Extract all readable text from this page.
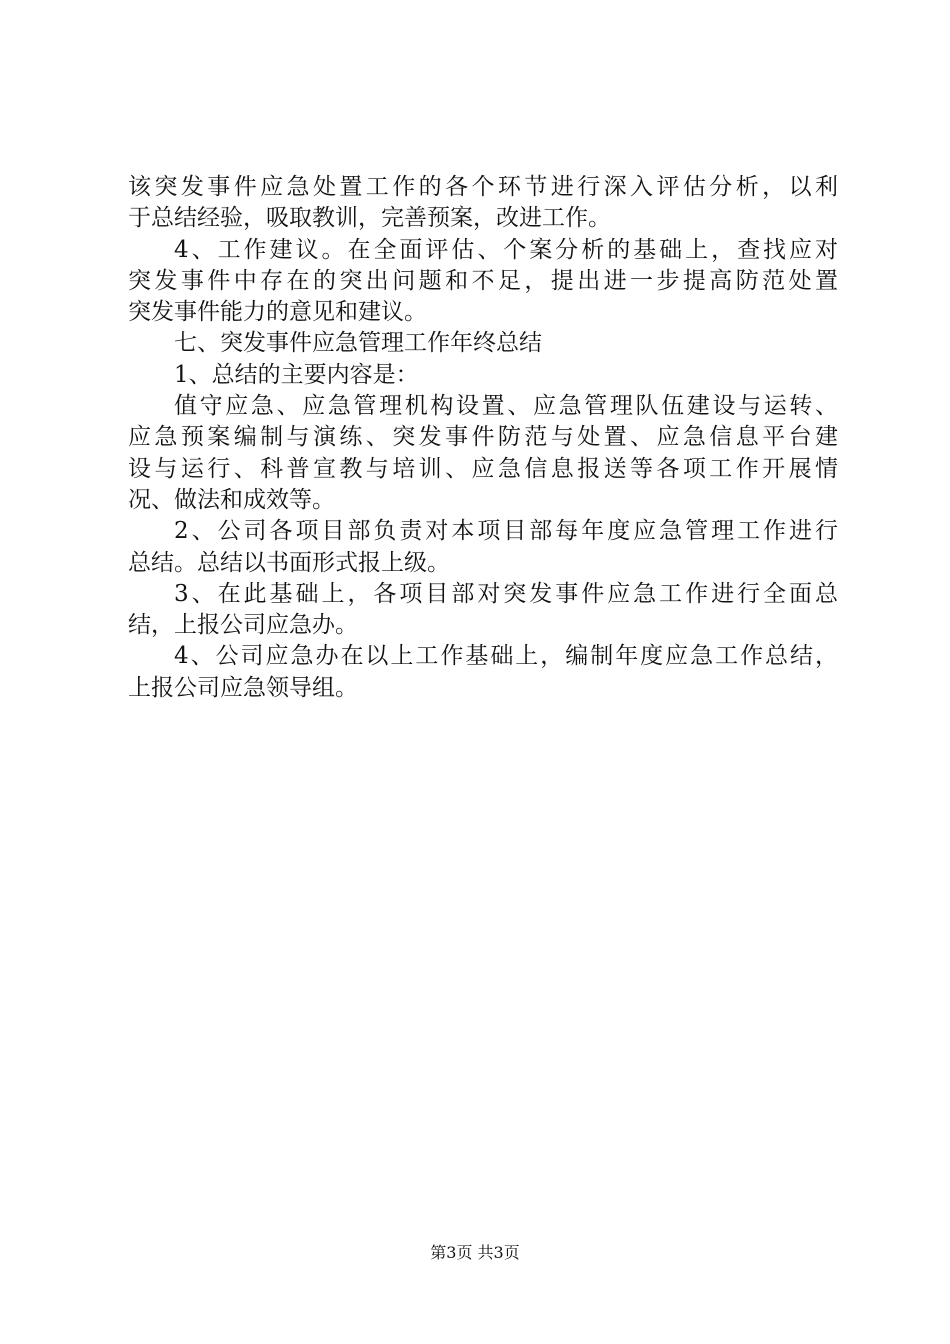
该突发事件应急处置工作的各个环节进行深入评估分析，以利
于总结经验，吸取教训，完善预案，改进工作。
4、工作建议。在全面评估、个案分析的基础上，查找应对
突发事件中存在的突出问题和不足，提出进一步提高防范处置
突发事件能力的意见和建议。
七、突发事件应急管理工作年终总结
1、总结的主要内容是：
值守应急、应急管理机构设置、应急管理队伍建设与运转、
应急预案编制与演练、突发事件防范与处置、应急信息平台建
设与运行、科普宣教与培训、应急信息报送等各项工作开展情
况、做法和成效等。
2、公司各项目部负责对本项目部每年度应急管理工作进行
总结。总结以书面形式报上级。
3、在此基础上，各项目部对突发事件应急工作进行全面总
结，上报公司应急办。
4、公司应急办在以上工作基础上，编制年度应急工作总结，
上报公司应急领导组。
第3页 共3页
